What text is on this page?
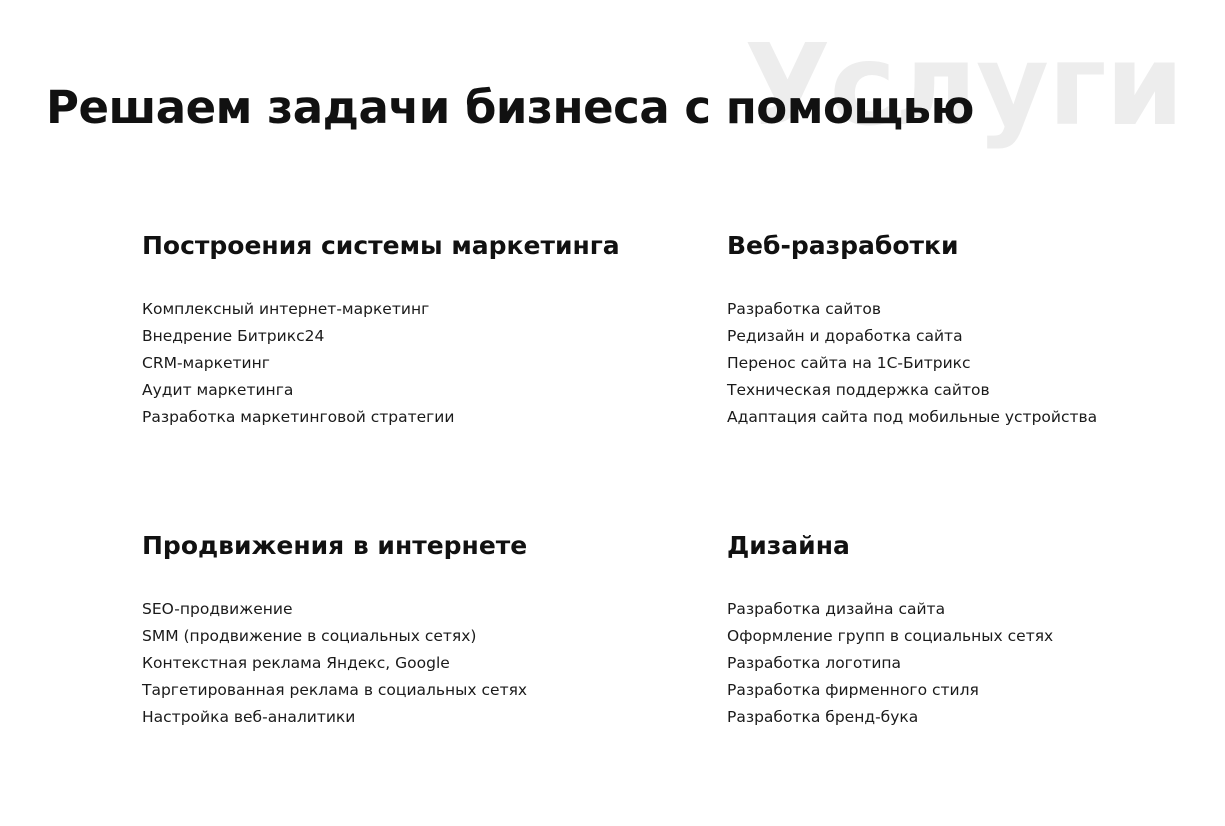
Услуги
Решаем задачи бизнеса с помощью
Построения системы маркетинга
Комплексный интернет-маркетинг
Внедрение Битрикс24
CRM-маркетинг
Аудит маркетинга
Разработка маркетинговой стратегии
Веб-разработки
Разработка сайтов
Редизайн и доработка сайта
Перенос сайта на 1С-Битрикс
Техническая поддержка сайтов
Адаптация сайта под мобильные устройства
Продвижения в интернете
SEO-продвижение
SMM (продвижение в социальных сетях)
Контекстная реклама Яндекс, Google
Таргетированная реклама в социальных сетях
Настройка веб-аналитики
Дизайна
Разработка дизайна сайта
Оформление групп в социальных сетях
Разработка логотипа
Разработка фирменного стиля
Разработка бренд-бука
